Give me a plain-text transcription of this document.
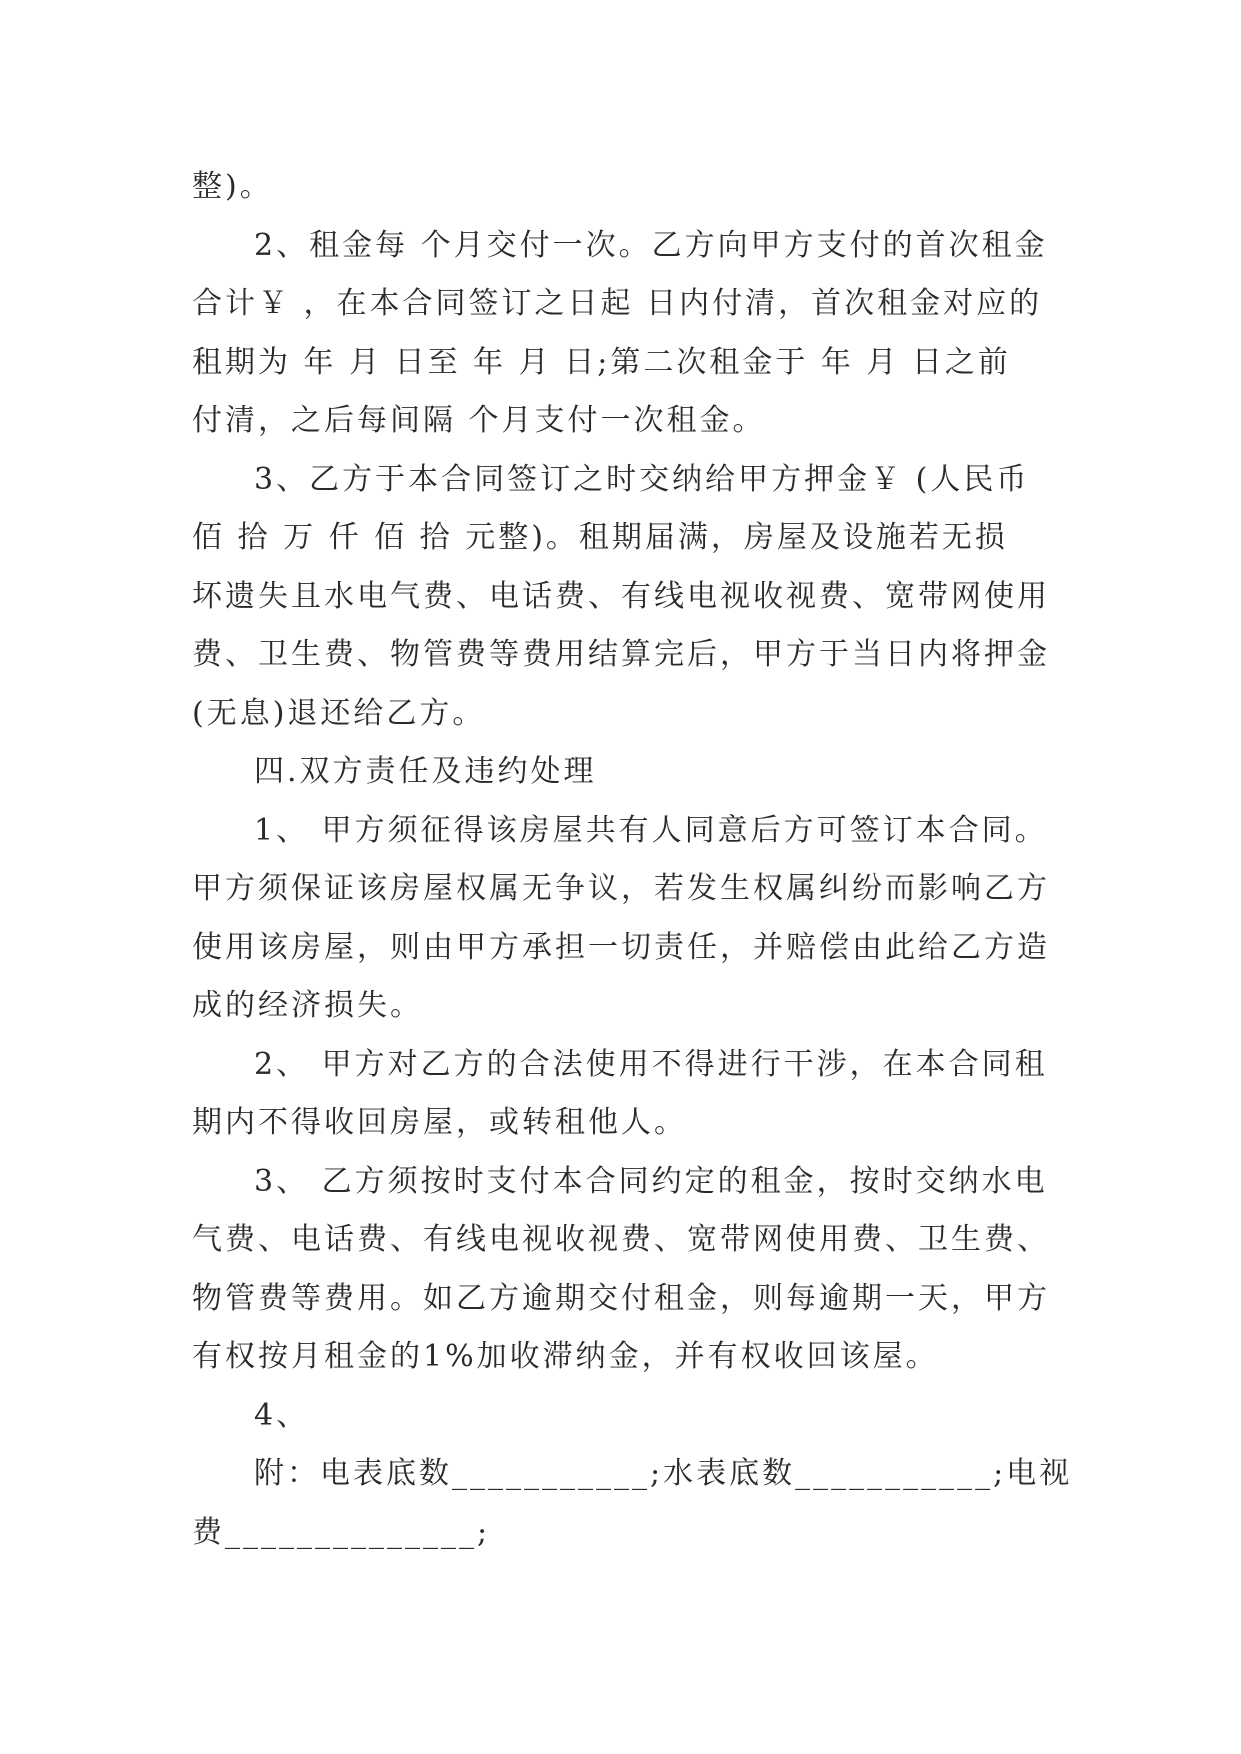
整)。
2、租金每 个月交付一次。乙方向甲方支付的首次租金
合计￥ ，在本合同签订之日起 日内付清，首次租金对应的
租期为 年 月 日至 年 月 日;第二次租金于 年 月 日之前
付清，之后每间隔 个月支付一次租金。
3、乙方于本合同签订之时交纳给甲方押金￥ (人民币
佰 拾 万 仟 佰 拾 元整)。租期届满，房屋及设施若无损
坏遗失且水电气费、电话费、有线电视收视费、宽带网使用
费、卫生费、物管费等费用结算完后，甲方于当日内将押金
(无息)退还给乙方。
四.双方责任及违约处理
1、 甲方须征得该房屋共有人同意后方可签订本合同。
甲方须保证该房屋权属无争议，若发生权属纠纷而影响乙方
使用该房屋，则由甲方承担一切责任，并赔偿由此给乙方造
成的经济损失。
2、 甲方对乙方的合法使用不得进行干涉，在本合同租
期内不得收回房屋，或转租他人。
3、 乙方须按时支付本合同约定的租金，按时交纳水电
气费、电话费、有线电视收视费、宽带网使用费、卫生费、
物管费等费用。如乙方逾期交付租金，则每逾期一天，甲方
有权按月租金的1%加收滞纳金，并有权收回该屋。
4、
附：电表底数___________;水表底数___________;电视
费______________;
